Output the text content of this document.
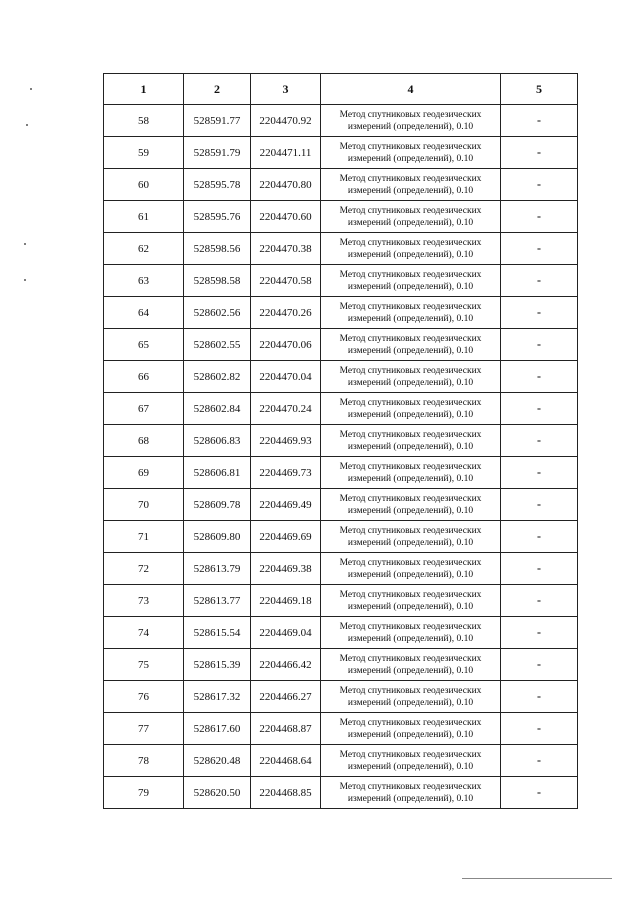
1	2	3	4	5
58	528591.77	2204470.92	Метод спутниковых геодезических
измерений (определений), 0.10	-
59	528591.79	2204471.11	Метод спутниковых геодезических
измерений (определений), 0.10	-
60	528595.78	2204470.80	Метод спутниковых геодезических
измерений (определений), 0.10	-
61	528595.76	2204470.60	Метод спутниковых геодезических
измерений (определений), 0.10	-
62	528598.56	2204470.38	Метод спутниковых геодезических
измерений (определений), 0.10	-
63	528598.58	2204470.58	Метод спутниковых геодезических
измерений (определений), 0.10	-
64	528602.56	2204470.26	Метод спутниковых геодезических
измерений (определений), 0.10	-
65	528602.55	2204470.06	Метод спутниковых геодезических
измерений (определений), 0.10	-
66	528602.82	2204470.04	Метод спутниковых геодезических
измерений (определений), 0.10	-
67	528602.84	2204470.24	Метод спутниковых геодезических
измерений (определений), 0.10	-
68	528606.83	2204469.93	Метод спутниковых геодезических
измерений (определений), 0.10	-
69	528606.81	2204469.73	Метод спутниковых геодезических
измерений (определений), 0.10	-
70	528609.78	2204469.49	Метод спутниковых геодезических
измерений (определений), 0.10	-
71	528609.80	2204469.69	Метод спутниковых геодезических
измерений (определений), 0.10	-
72	528613.79	2204469.38	Метод спутниковых геодезических
измерений (определений), 0.10	-
73	528613.77	2204469.18	Метод спутниковых геодезических
измерений (определений), 0.10	-
74	528615.54	2204469.04	Метод спутниковых геодезических
измерений (определений), 0.10	-
75	528615.39	2204466.42	Метод спутниковых геодезических
измерений (определений), 0.10	-
76	528617.32	2204466.27	Метод спутниковых геодезических
измерений (определений), 0.10	-
77	528617.60	2204468.87	Метод спутниковых геодезических
измерений (определений), 0.10	-
78	528620.48	2204468.64	Метод спутниковых геодезических
измерений (определений), 0.10	-
79	528620.50	2204468.85	Метод спутниковых геодезических
измерений (определений), 0.10	-
